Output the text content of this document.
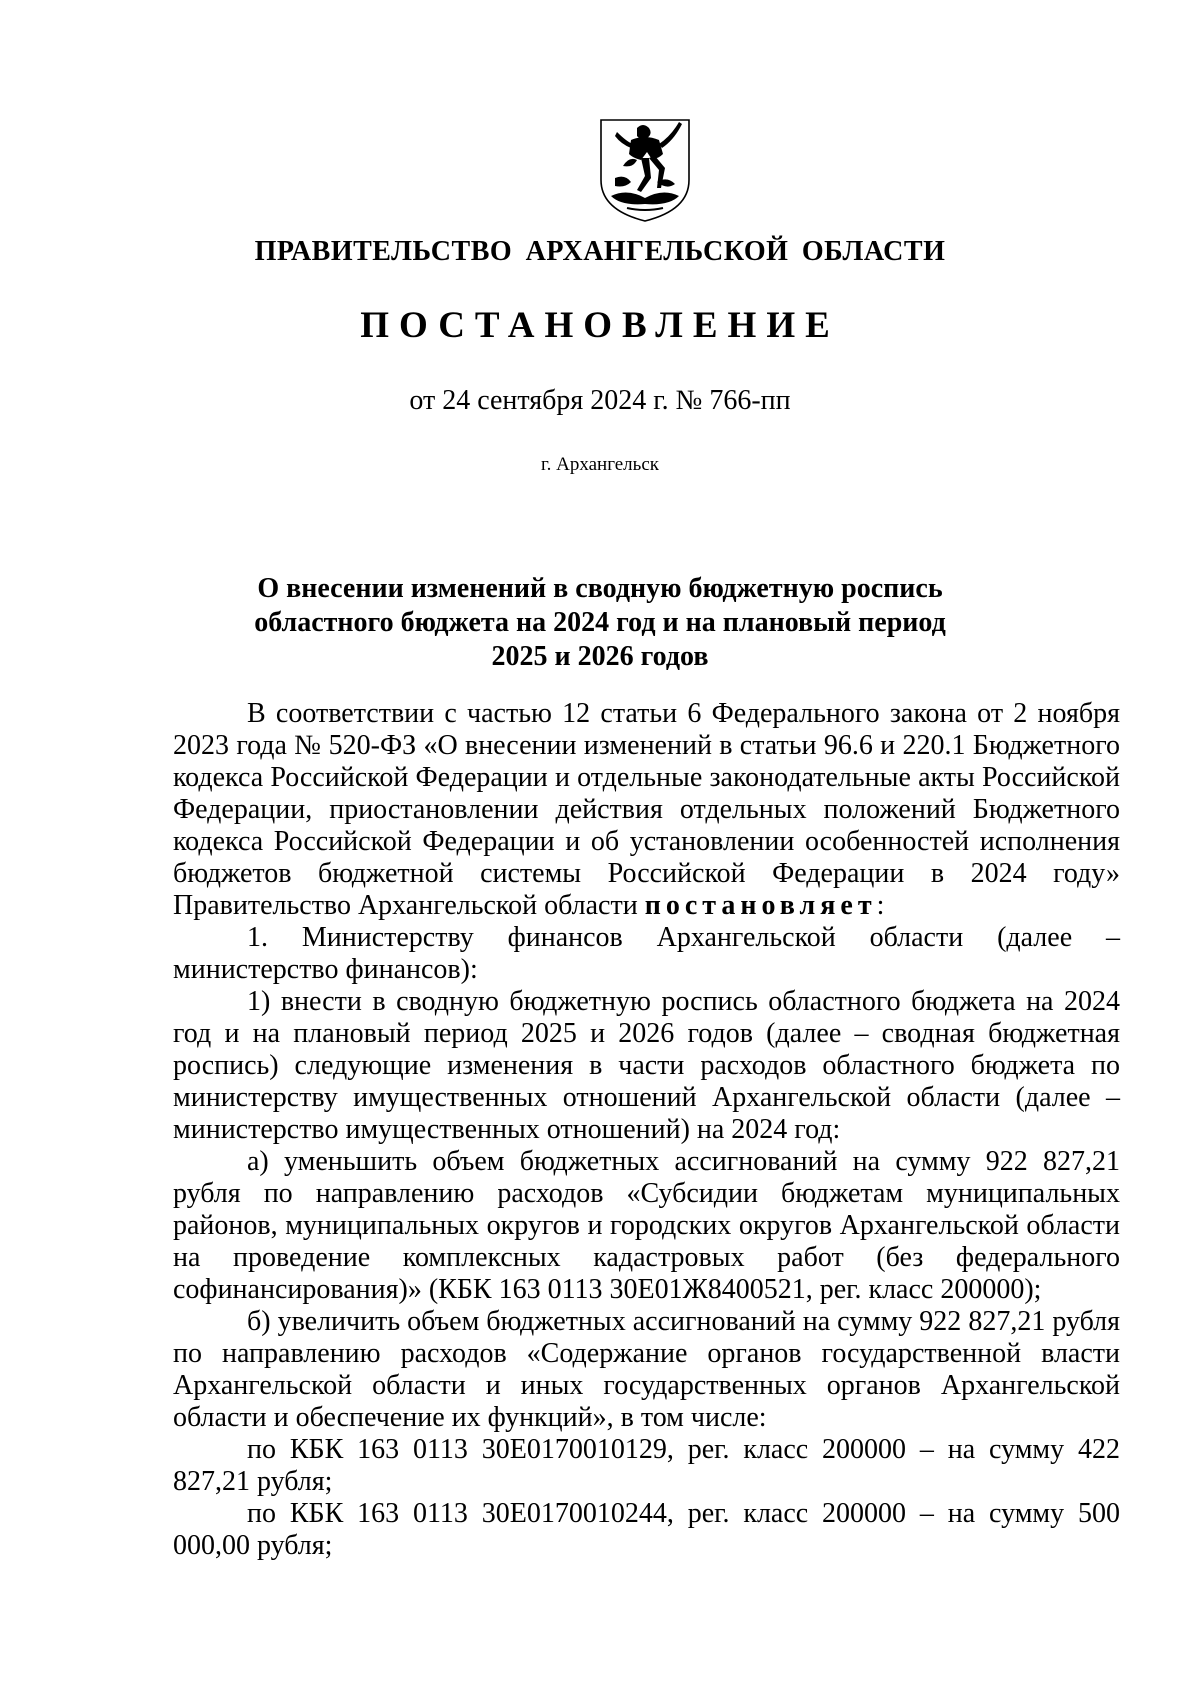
ПРАВИТЕЛЬСТВО АРХАНГЕЛЬСКОЙ ОБЛАСТИ
ПОСТАНОВЛЕНИЕ
от 24 сентября 2024 г. № 766-пп
г. Архангельск
О внесении изменений в сводную бюджетную роспись
областного бюджета на 2024 год и на плановый период
2025 и 2026 годов

В соответствии с частью 12 статьи 6 Федерального закона от 2 ноября 2023 года № 520-ФЗ «О внесении изменений в статьи 96.6 и 220.1 Бюджетного кодекса Российской Федерации и отдельные законодательные акты Российской Федерации, приостановлении действия отдельных положений Бюджетного кодекса Российской Федерации и об установлении особенностей исполнения бюджетов бюджетной системы Российской Федерации в 2024 году» Правительство Архангельской области постановляет:

1. Министерству финансов Архангельской области (далее – министерство финансов):

1) внести в сводную бюджетную роспись областного бюджета на 2024 год и на плановый период 2025 и 2026 годов (далее – сводная бюджетная роспись) следующие изменения в части расходов областного бюджета по министерству имущественных отношений Архангельской области (далее – министерство имущественных отношений) на 2024 год:

а) уменьшить объем бюджетных ассигнований на сумму 922 827,21 рубля по направлению расходов «Субсидии бюджетам муниципальных районов, муниципальных округов и городских округов Архангельской области на проведение комплексных кадастровых работ (без федерального софинансирования)» (КБК 163 0113 30Е01Ж8400521, рег. класс 200000);

б) увеличить объем бюджетных ассигнований на сумму 922 827,21 рубля по направлению расходов «Содержание органов государственной власти Архангельской области и иных государственных органов Архангельской области и обеспечение их функций», в том числе:

по КБК 163 0113 30Е0170010129, рег. класс 200000 – на сумму 422 827,21 рубля;

по КБК 163 0113 30Е0170010244, рег. класс 200000 – на сумму 500 000,00 рубля;
